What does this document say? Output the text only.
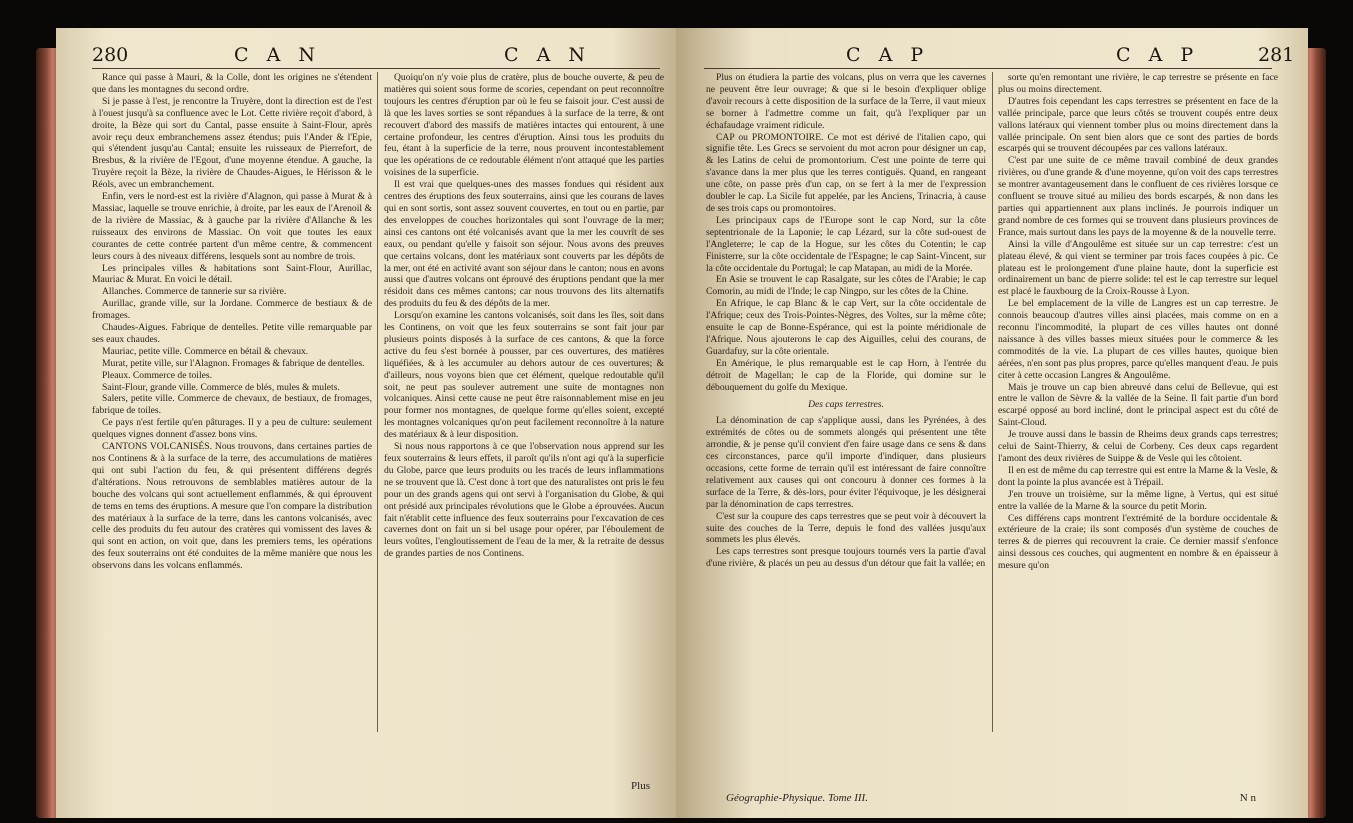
280	C A N	C A N

Rance qui passe à Mauri, & la Colle, dont les origines ne s'étendent que dans les montagnes du second ordre.

Si je passe à l'est, je rencontre la Truyère, dont la direction est de l'est à l'ouest jusqu'à sa confluence avec le Lot. Cette rivière reçoit d'abord, à droite, la Bèze qui sort du Cantal, passe ensuite à Saint-Flour, après avoir reçu deux embranchemens assez étendus; puis l'Ander & l'Epie, qui s'étendent jusqu'au Cantal; ensuite les ruisseaux de Pierrefort, de Bresbus, & la rivière de l'Egout, d'une moyenne étendue. A gauche, la Truyère reçoit la Bèze, la rivière de Chaudes-Aigues, le Hérisson & le Réols, avec un embranchement.

Enfin, vers le nord-est est la rivière d'Alagnon, qui passe à Murat & à Massiac, laquelle se trouve enrichie, à droite, par les eaux de l'Arenoil & de la rivière de Massiac, & à gauche par la rivière d'Allanche & les ruisseaux des environs de Massiac. On voit que toutes les eaux courantes de cette contrée partent d'un même centre, & commencent leurs cours à des niveaux différens, lesquels sont au nombre de trois.

Les principales villes & habitations sont Saint-Flour, Aurillac, Mauriac & Murat. En voici le détail.

Allanches. Commerce de tannerie sur sa rivière.

Aurillac, grande ville, sur la Jordane. Commerce de bestiaux & de fromages.

Chaudes-Aigues. Fabrique de dentelles. Petite ville remarquable par ses eaux chaudes.

Mauriac, petite ville. Commerce en bétail & chevaux.

Murat, petite ville, sur l'Alagnon. Fromages & fabrique de dentelles.

Pleaux. Commerce de toiles.

Saint-Flour, grande ville. Commerce de blés, mules & mulets.

Salers, petite ville. Commerce de chevaux, de bestiaux, de fromages, fabrique de toiles.

Ce pays n'est fertile qu'en pâturages. Il y a peu de culture: seulement quelques vignes donnent d'assez bons vins.

CANTONS VOLCANISÉS. Nous trouvons, dans certaines parties de nos Continens & à la surface de la terre, des accumulations de matières qui ont subi l'action du feu, & qui présentent différens degrés d'altérations. Nous retrouvons de semblables matières autour de la bouche des volcans qui sont actuellement enflammés, & qui éprouvent de tems en tems des éruptions. A mesure que l'on compare la distribution des matériaux à la surface de la terre, dans les cantons volcanisés, avec celle des produits du feu autour des cratères qui vomissent des laves & qui sont en action, on voit que, dans les premiers tems, les opérations des feux souterrains ont été conduites de la même manière que nous les observons dans les volcans enflammés.

Quoiqu'on n'y voie plus de cratère, plus de bouche ouverte, & peu de matières qui soient sous forme de scories, cependant on peut reconnoître toujours les centres d'éruption par où le feu se faisoit jour. C'est aussi de là que les laves sorties se sont répandues à la surface de la terre, & ont recouvert d'abord des massifs de matières intactes qui entourent, à une certaine profondeur, les centres d'éruption. Ainsi tous les produits du feu, étant à la superficie de la terre, nous prouvent incontestablement que les opérations de ce redoutable élément n'ont attaqué que les parties voisines de la superficie.

Il est vrai que quelques-unes des masses fondues qui résident aux centres des éruptions des feux souterrains, ainsi que les courans de laves qui en sont sortis, sont assez souvent couvertes, en tout ou en partie, par des enveloppes de couches horizontales qui sont l'ouvrage de la mer; ainsi ces cantons ont été volcanisés avant que la mer les couvrît de ses eaux, ou pendant qu'elle y faisoit son séjour. Nous avons des preuves que certains volcans, dont les matériaux sont couverts par les dépôts de la mer, ont été en activité avant son séjour dans le canton; nous en avons aussi que d'autres volcans ont éprouvé des éruptions pendant que la mer résidoit dans ces mêmes cantons; car nous trouvons des lits alternatifs des produits du feu & des dépôts de la mer.

Lorsqu'on examine les cantons volcanisés, soit dans les îles, soit dans les Continens, on voit que les feux souterrains se sont fait jour par plusieurs points disposés à la surface de ces cantons, & que la force active du feu s'est bornée à pousser, par ces ouvertures, des matières liquéfiées, & à les accumuler au dehors autour de ces ouvertures; & d'ailleurs, nous voyons bien que cet élément, quelque redoutable qu'il soit, ne peut pas soulever autrement une suite de montagnes non volcaniques. Ainsi cette cause ne peut être raisonnablement mise en jeu pour former nos montagnes, de quelque forme qu'elles soient, excepté les montagnes volcaniques qu'on peut facilement reconnoître à la nature des matériaux & à leur disposition.

Si nous nous rapportons à ce que l'observation nous apprend sur les feux souterrains & leurs effets, il paroît qu'ils n'ont agi qu'à la superficie du Globe, parce que leurs produits ou les tracés de leurs inflammations ne se trouvent que là. C'est donc à tort que des naturalistes ont pris le feu pour un des grands agens qui ont servi à l'organisation du Globe, & qui ont présidé aux principales révolutions que le Globe a éprouvées. Aucun fait n'établit cette influence des feux souterrains pour l'excavation de ces cavernes dont on fait un si bel usage pour opérer, par l'éboulement de leurs voûtes, l'engloutissement de l'eau de la mer, & la retraite de dessus de grandes parties de nos Continens.

Plus
C A P	C A P	281

Plus on étudiera la partie des volcans, plus on verra que les cavernes ne peuvent être leur ouvrage; & que si le besoin d'expliquer oblige d'avoir recours à cette disposition de la surface de la Terre, il vaut mieux se borner à l'admettre comme un fait, qu'à l'expliquer par un échafaudage vraiment ridicule.

CAP ou PROMONTOIRE. Ce mot est dérivé de l'italien capo, qui signifie tête. Les Grecs se servoient du mot acron pour désigner un cap, & les Latins de celui de promontorium. C'est une pointe de terre qui s'avance dans la mer plus que les terres contiguës. Quand, en rangeant une côte, on passe près d'un cap, on se fert à la mer de l'expression doubler le cap. La Sicile fut appelée, par les Anciens, Trinacria, à cause de ses trois caps ou promontoires.

Les principaux caps de l'Europe sont le cap Nord, sur la côte septentrionale de la Laponie; le cap Lézard, sur la côte sud-ouest de l'Angleterre; le cap de la Hogue, sur les côtes du Cotentin; le cap Finisterre, sur la côte occidentale de l'Espagne; le cap Saint-Vincent, sur la côte occidentale du Portugal; le cap Matapan, au midi de la Morée.

En Asie se trouvent le cap Rasalgate, sur les côtes de l'Arabie; le cap Comorin, au midi de l'Inde; le cap Ningpo, sur les côtes de la Chine.

En Afrique, le cap Blanc & le cap Vert, sur la côte occidentale de l'Afrique; ceux des Trois-Pointes-Nègres, des Voltes, sur la même côte; ensuite le cap de Bonne-Espérance, qui est la pointe méridionale de l'Afrique. Nous ajouterons le cap des Aiguilles, celui des courans, de Guardafuy, sur la côte orientale.

En Amérique, le plus remarquable est le cap Horn, à l'entrée du détroit de Magellan; le cap de la Floride, qui domine sur le débouquement du golfe du Mexique.

Des caps terrestres.

La dénomination de cap s'applique aussi, dans les Pyrénées, à des extrémités de côtes ou de sommets alongés qui présentent une tête arrondie, & je pense qu'il convient d'en faire usage dans ce sens & dans ces circonstances, parce qu'il importe d'indiquer, dans plusieurs occasions, cette forme de terrain qu'il est intéressant de faire connoître relativement aux causes qui ont concouru à donner ces formes à la surface de la Terre, & dès-lors, pour éviter l'équivoque, je les désignerai par la dénomination de caps terrestres.

C'est sur la coupure des caps terrestres que se peut voir à découvert la suite des couches de la Terre, depuis le fond des vallées jusqu'aux sommets les plus élevés.

Les caps terrestres sont presque toujours tournés vers la partie d'aval d'une rivière, & placés un peu au dessus d'un détour que fait la vallée; en

sorte qu'en remontant une rivière, le cap terrestre se présente en face plus ou moins directement.

D'autres fois cependant les caps terrestres se présentent en face de la vallée principale, parce que leurs côtés se trouvent coupés entre deux vallons latéraux qui viennent tomber plus ou moins directement dans la vallée principale. On sent bien alors que ce sont des parties de bords escarpés qui se trouvent découpées par ces vallons latéraux.

C'est par une suite de ce même travail combiné de deux grandes rivières, ou d'une grande & d'une moyenne, qu'on voit des caps terrestres se montrer avantageusement dans le confluent de ces rivières lorsque ce confluent se trouve situé au milieu des bords escarpés, & non dans les parties qui appartiennent aux plans inclinés. Je pourrois indiquer un grand nombre de ces formes qui se trouvent dans plusieurs provinces de France, mais surtout dans les pays de la moyenne & de la nouvelle terre.

Ainsi la ville d'Angoulême est située sur un cap terrestre: c'est un plateau élevé, & qui vient se terminer par trois faces coupées à pic. Ce plateau est le prolongement d'une plaine haute, dont la superficie est ordinairement un banc de pierre solide: tel est le cap terrestre sur lequel est placé le fauxbourg de la Croix-Rousse à Lyon.

Le bel emplacement de la ville de Langres est un cap terrestre. Je connois beaucoup d'autres villes ainsi placées, mais comme on en a reconnu l'incommodité, la plupart de ces villes hautes ont donné naissance à des villes basses mieux situées pour le commerce & les commodités de la vie. La plupart de ces villes hautes, quoique bien aérées, n'en sont pas plus propres, parce qu'elles manquent d'eau. Je puis citer à cette occasion Langres & Angoulême.

Mais je trouve un cap bien abreuvé dans celui de Bellevue, qui est entre le vallon de Sèvre & la vallée de la Seine. Il fait partie d'un bord escarpé opposé au bord incliné, dont le principal aspect est du côté de Saint-Cloud.

Je trouve aussi dans le bassin de Rheims deux grands caps terrestres; celui de Saint-Thierry, & celui de Corbeny. Ces deux caps regardent l'amont des deux rivières de Suippe & de Vesle qui les côtoient.

Il en est de même du cap terrestre qui est entre la Marne & la Vesle, & dont la pointe la plus avancée est à Trépail.

J'en trouve un troisième, sur la même ligne, à Vertus, qui est situé entre la vallée de la Marne & la source du petit Morin.

Ces différens caps montrent l'extrémité de la bordure occidentale & extérieure de la craie; ils sont composés d'un système de couches de terres & de pierres qui recouvrent la craie. Ce dernier massif s'enfonce ainsi dessous ces couches, qui augmentent en nombre & en épaisseur à mesure qu'on

Géographie-Physique. Tome III.	N n
